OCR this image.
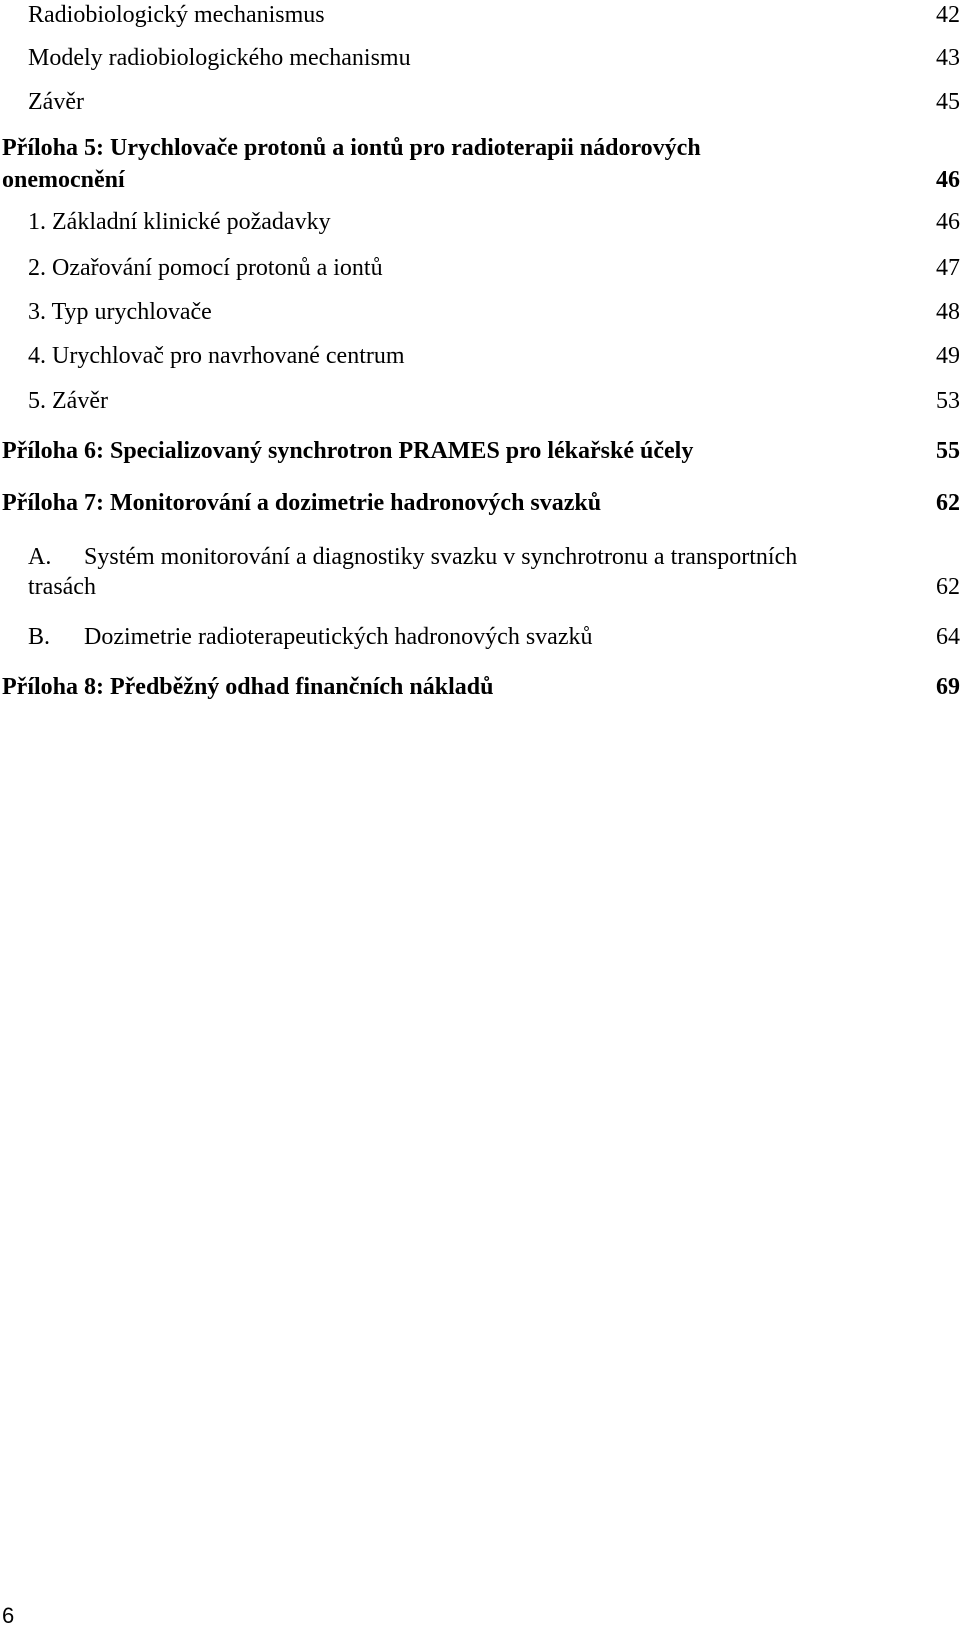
Radiobiologický mechanismus	42
Modely radiobiologického mechanismu	43
Závěr	45
Příloha 5: Urychlovače protonů a iontů pro radioterapii nádorových
onemocnění	46
1. Základní klinické požadavky	46
2. Ozařování pomocí protonů a iontů	47
3. Typ urychlovače	48
4. Urychlovač pro navrhované centrum	49
5. Závěr	53
Příloha 6: Specializovaný synchrotron PRAMES pro lékařské účely	55
Příloha 7: Monitorování a dozimetrie hadronových svazků	62
A. Systém monitorování a diagnostiky svazku v synchrotronu a transportních
trasách	62
B. Dozimetrie radioterapeutických hadronových svazků	64
Příloha 8: Předběžný odhad finančních nákladů	69
6
